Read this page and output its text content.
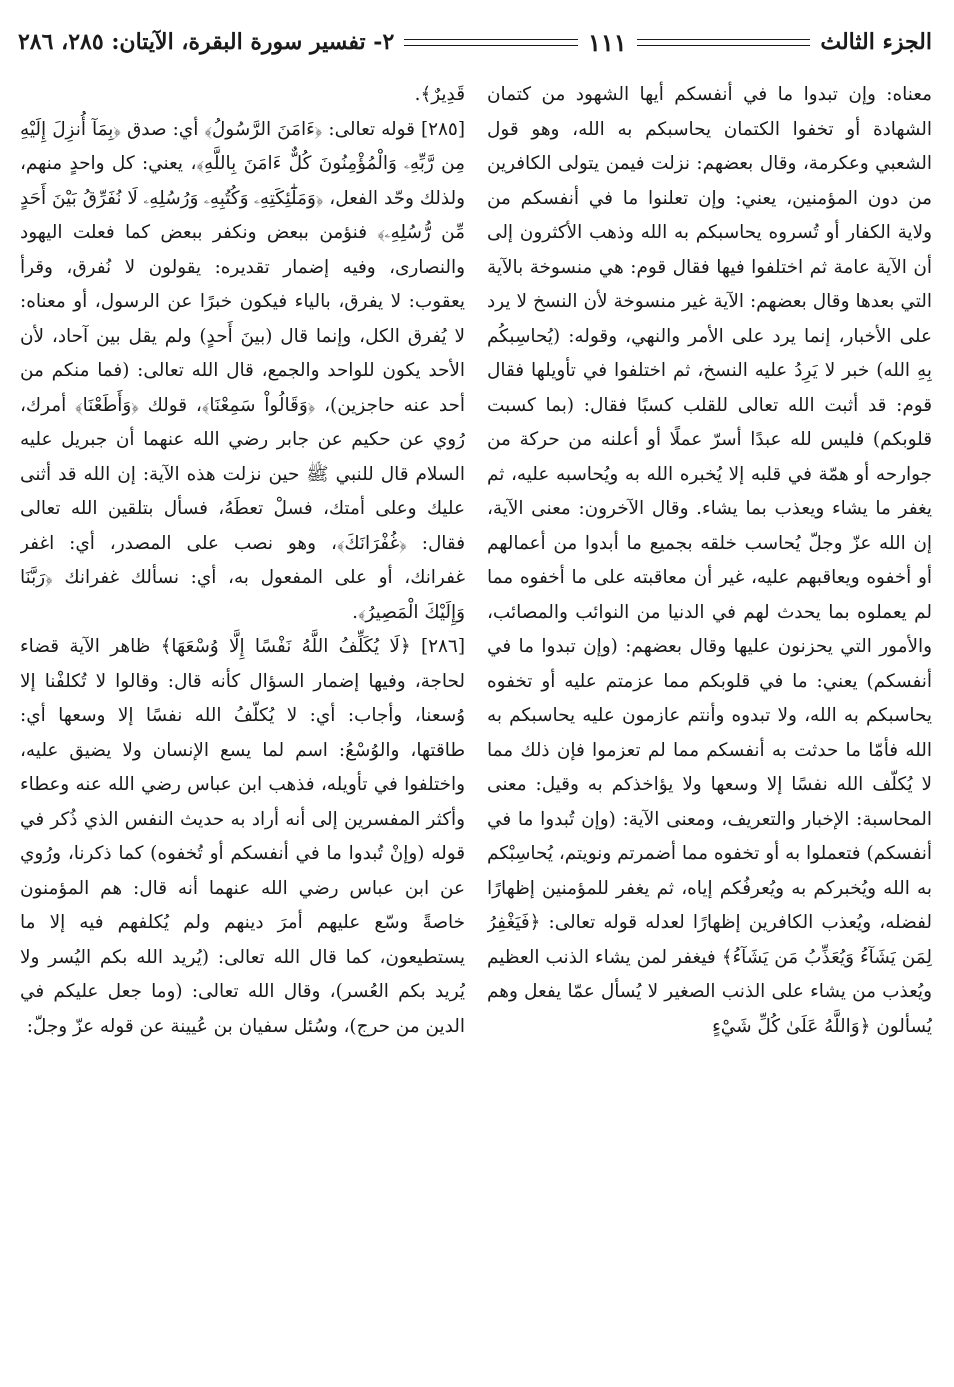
الجزء الثالث
١١١
٢- تفسير سورة البقرة، الآيتان: ٢٨٥، ٢٨٦

معناه: وإن تبدوا ما في أنفسكم أيها الشهود من كتمان الشهادة أو تخفوا الكتمان يحاسبكم به الله، وهو قول الشعبي وعكرمة، وقال بعضهم: نزلت فيمن يتولى الكافرين من دون المؤمنين، يعني: وإن تعلنوا ما في أنفسكم من ولاية الكفار أو تُسروه يحاسبكم به الله وذهب الأكثرون إلى أن الآية عامة ثم اختلفوا فيها فقال قوم: هي منسوخة بالآية التي بعدها وقال بعضهم: الآية غير منسوخة لأن النسخ لا يرد على الأخبار، إنما يرد على الأمر والنهي، وقوله: (يُحاسِبكُم بِهِ الله) خبر لا يَرِدُ عليه النسخ، ثم اختلفوا في تأويلها فقال قوم: قد أثبت الله تعالى للقلب كسبًا فقال: (بما كسبت قلوبكم) فليس لله عبدًا أسرّ عملًا أو أعلنه من حركة من جوارحه أو همّة في قلبه إلا يُخبره الله به ويُحاسبه عليه، ثم يغفر ما يشاء ويعذب بما يشاء. وقال الآخرون: معنى الآية، إن الله عزّ وجلّ يُحاسب خلقه بجميع ما أبدوا من أعمالهم أو أخفوه ويعاقبهم عليه، غير أن معاقبته على ما أخفوه مما لم يعملوه بما يحدث لهم في الدنيا من النوائب والمصائب، والأمور التي يحزنون عليها وقال بعضهم: (وإن تبدوا ما في أنفسكم) يعني: ما في قلوبكم مما عزمتم عليه أو تخفوه يحاسبكم به الله، ولا تبدوه وأنتم عازمون عليه يحاسبكم به الله فأمّا ما حدثت به أنفسكم مما لم تعزموا فإن ذلك مما لا يُكلّف الله نفسًا إلا وسعها ولا يؤاخذكم به وقيل: معنى المحاسبة: الإخبار والتعريف، ومعنى الآية: (وإن تُبدوا ما في أنفسكم) فتعملوا به أو تخفوه مما أضمرتم ونويتم، يُحاسِبْكم به الله ويُخبركم به ويُعرفُكم إياه، ثم يغفر للمؤمنين إظهارًا لفضله، ويُعذب الكافرين إظهارًا لعدله قوله تعالى: ﴿فَيَغْفِرُ لِمَن يَشَآءُ وَيُعَذِّبُ مَن يَشَآءُ﴾ فيغفر لمن يشاء الذنب العظيم ويُعذب من يشاء على الذنب الصغير لا يُسأل عمّا يفعل وهم يُسألون ﴿وَاللَّهُ عَلَىٰ كُلِّ شَيْءٍ

قَدِيرٌ﴾.

[٢٨٥] قوله تعالى: ﴿ءَامَنَ الرَّسُولُ﴾ أي: صدق ﴿بِمَآ أُنزِلَ إِلَيْهِ مِن رَّبِّهِۦ وَالْمُؤْمِنُونَ كُلٌّ ءَامَنَ بِاللَّهِ﴾، يعني: كل واحدٍ منهم، ولذلك وحّد الفعل، ﴿وَمَلَٰٓئِكَتِهِۦ وَكُتُبِهِۦ وَرُسُلِهِۦ لَا نُفَرِّقُ بَيْنَ أَحَدٍ مِّن رُّسُلِهِۦ﴾ فنؤمن ببعض ونكفر ببعض كما فعلت اليهود والنصارى، وفيه إضمار تقديره: يقولون لا نُفرق، وقرأ يعقوب: لا يفرق، بالياء فيكون خبرًا عن الرسول، أو معناه: لا يُفرق الكل، وإنما قال (بينَ أَحدٍ) ولم يقل بين آحاد، لأن الأحد يكون للواحد والجمع، قال الله تعالى: (فما منكم من أحد عنه حاجزين)، ﴿وَقَالُواْ سَمِعْنَا﴾، قولك ﴿وَأَطَعْنَا﴾ أمرك، رُوي عن حكيم عن جابر رضي الله عنهما أن جبريل عليه السلام قال للنبي ﷺ حين نزلت هذه الآية: إن الله قد أثنى عليك وعلى أمتك، فسلْ تعطَهُ، فسأل بتلقين الله تعالى فقال: ﴿غُفْرَانَكَ﴾، وهو نصب على المصدر، أي: اغفر غفرانك، أو على المفعول به، أي: نسألك غفرانك ﴿رَبَّنَا وَإِلَيْكَ الْمَصِيرُ﴾.

[٢٨٦] ﴿لَا يُكَلِّفُ اللَّهُ نَفْسًا إِلَّا وُسْعَهَا﴾ ظاهر الآية قضاء لحاجة، وفيها إضمار السؤال كأنه قال: وقالوا لا تُكلفْنا إلا وُسعنا، وأجاب: أي: لا يُكلّفُ الله نفسًا إلا وسعها أي: طاقتها، والوُسْعُ: اسم لما يسع الإنسان ولا يضيق عليه، واختلفوا في تأويله، فذهب ابن عباس رضي الله عنه وعطاء وأكثر المفسرين إلى أنه أراد به حديث النفس الذي ذُكر في قوله (وإنْ تُبدوا ما في أنفسكم أو تُخفوه) كما ذكرنا، ورُوي عن ابن عباس رضي الله عنهما أنه قال: هم المؤمنون خاصةً وسّع عليهم أمرَ دينهم ولم يُكلفهم فيه إلا ما يستطيعون، كما قال الله تعالى: (يُريد الله بكم اليُسر ولا يُريد بكم العُسر)، وقال الله تعالى: (وما جعل عليكم في الدين من حرج)، وسُئل سفيان بن عُيينة عن قوله عزّ وجلّ:
